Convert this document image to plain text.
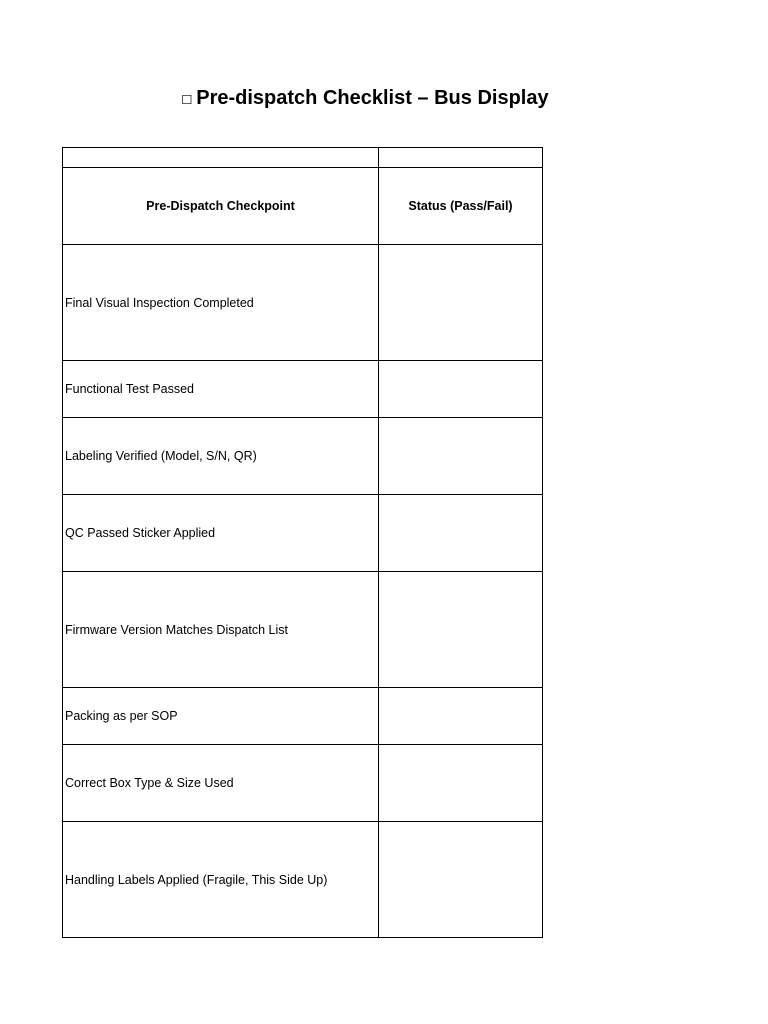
☐ Pre-dispatch Checklist – Bus Display

Pre-Dispatch Checkpoint	Status (Pass/Fail)
Final Visual Inspection Completed	
Functional Test Passed	
Labeling Verified (Model, S/N, QR)	
QC Passed Sticker Applied	
Firmware Version Matches Dispatch List	
Packing as per SOP	
Correct Box Type & Size Used	
Handling Labels Applied (Fragile, This Side Up)	
